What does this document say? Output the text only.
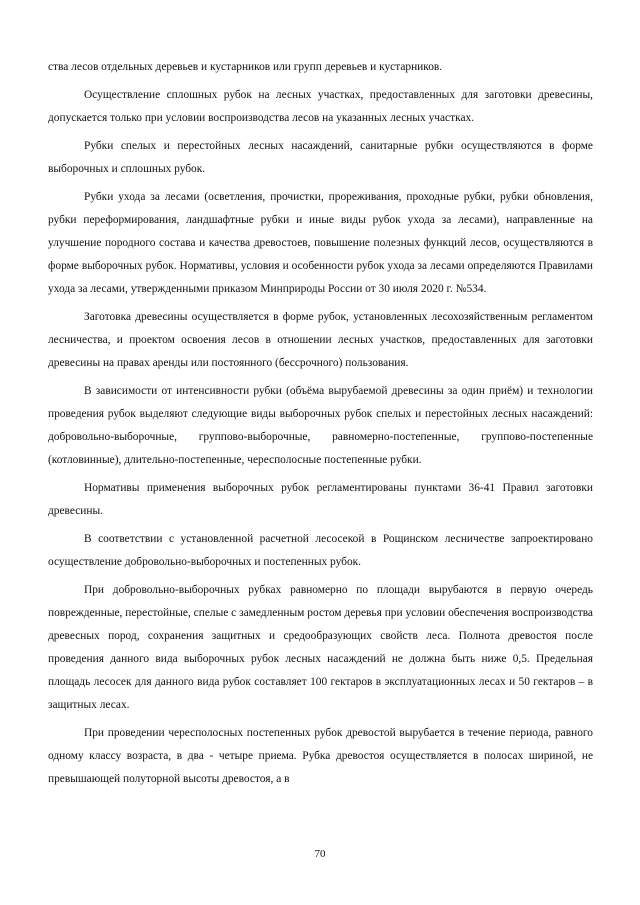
ства лесов отдельных деревьев и кустарников или групп деревьев и кустарников.

Осуществление сплошных рубок на лесных участках, предоставленных для заготовки древесины, допускается только при условии воспроизводства лесов на указанных лесных участках.

Рубки спелых и перестойных лесных насаждений, санитарные рубки осуществляются в форме выборочных и сплошных рубок.

Рубки ухода за лесами (осветления, прочистки, прореживания, проходные рубки, рубки обновления, рубки переформирования, ландшафтные рубки и иные виды рубок ухода за лесами), направленные на улучшение породного состава и качества древостоев, повышение полезных функций лесов, осуществляются в форме выборочных рубок. Нормативы, условия и особенности рубок ухода за лесами определяются Правилами ухода за лесами, утвержденными приказом Минприроды России от 30 июля 2020 г. №534.

Заготовка древесины осуществляется в форме рубок, установленных лесохозяйственным регламентом лесничества, и проектом освоения лесов в отношении лесных участков, предоставленных для заготовки древесины на правах аренды или постоянного (бессрочного) пользования.

В зависимости от интенсивности рубки (объёма вырубаемой древесины за один приём) и технологии проведения рубок выделяют следующие виды выборочных рубок спелых и перестойных лесных насаждений: добровольно-выборочные, группово-выборочные, равномерно-постепенные, группово-постепенные (котловинные), длительно-постепенные, чересполосные постепенные рубки.

Нормативы применения выборочных рубок регламентированы пунктами 36-41 Правил заготовки древесины.

В соответствии с установленной расчетной лесосекой в Рощинском лесничестве запроектировано осуществление добровольно-выборочных и постепенных рубок.

При добровольно-выборочных рубках равномерно по площади вырубаются в первую очередь поврежденные, перестойные, спелые с замедленным ростом деревья при условии обеспечения воспроизводства древесных пород, сохранения защитных и средообразующих свойств леса. Полнота древостоя после проведения данного вида выборочных рубок лесных насаждений не должна быть ниже 0,5. Предельная площадь лесосек для данного вида рубок составляет 100 гектаров в эксплуатационных лесах и 50 гектаров – в защитных лесах.

При проведении чересполосных постепенных рубок древостой вырубается в течение периода, равного одному классу возраста, в два - четыре приема. Рубка древостоя осуществляется в полосах шириной, не превышающей полуторной высоты древостоя, а в

70
